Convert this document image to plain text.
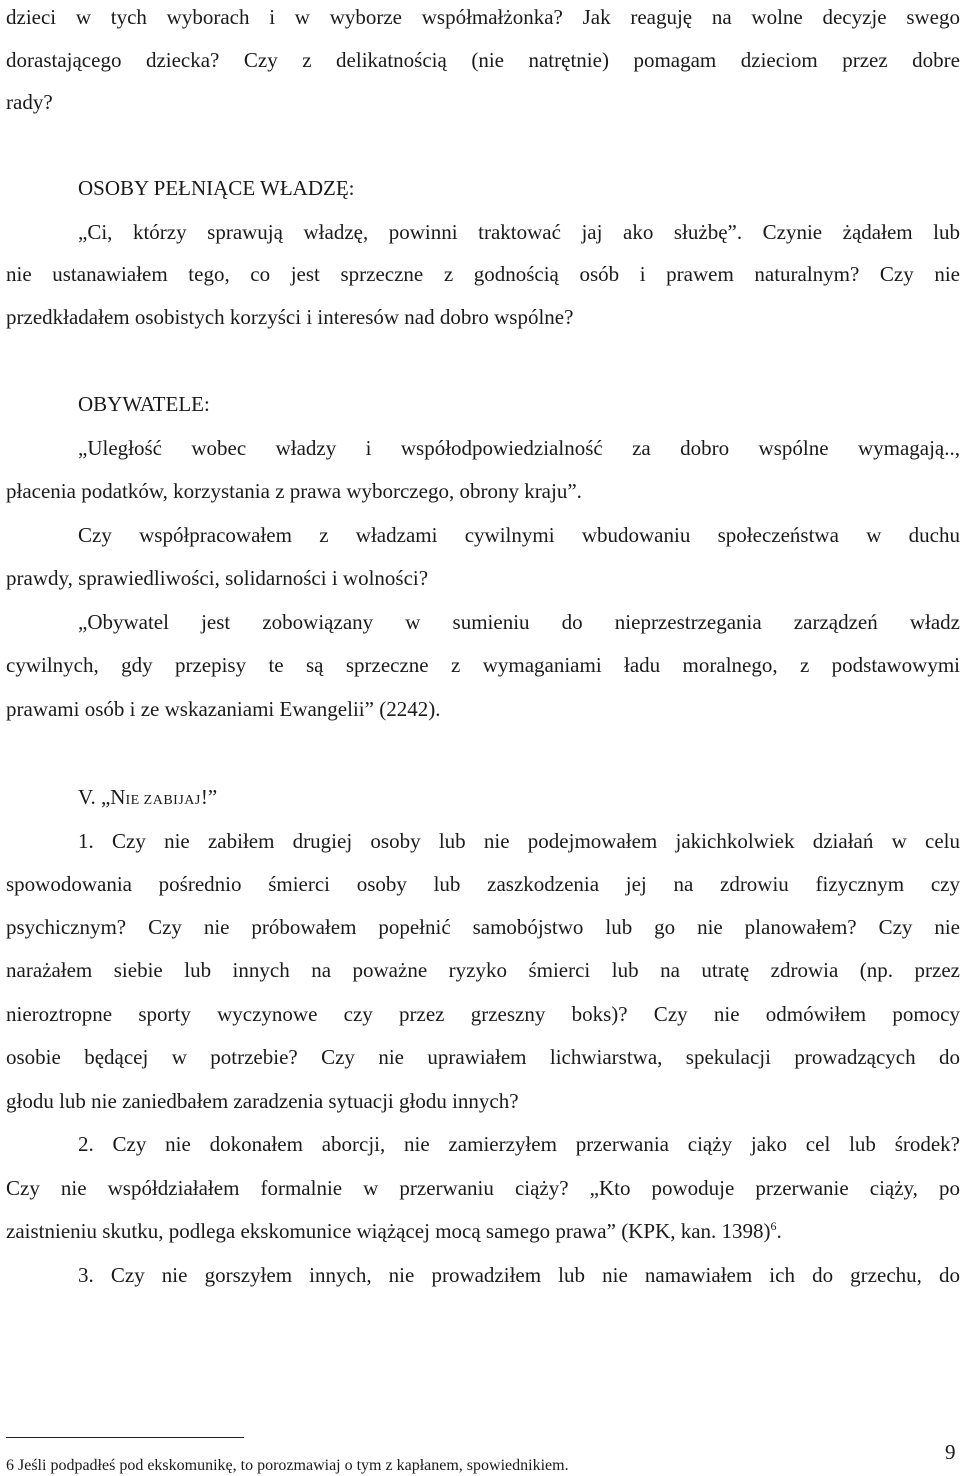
dzieci w tych wyborach i w wyborze współmałżonka? Jak reaguję na wolne decyzje swego
dorastającego dziecka? Czy z delikatnością (nie natrętnie) pomagam dzieciom przez dobre
rady?
OSOBY PEŁNIĄCE WŁADZĘ:
„Ci, którzy sprawują władzę, powinni traktować jaj ako służbę”. Czynie żądałem lub
nie ustanawiałem tego, co jest sprzeczne z godnością osób i prawem naturalnym? Czy nie
przedkładałem osobistych korzyści i interesów nad dobro wspólne?
OBYWATELE:
„Uległość wobec władzy i współodpowiedzialność za dobro wspólne wymagają..,
płacenia podatków, korzystania z prawa wyborczego, obrony kraju”.
Czy współpracowałem z władzami cywilnymi wbudowaniu społeczeństwa w duchu
prawdy, sprawiedliwości, solidarności i wolności?
„Obywatel jest zobowiązany w sumieniu do nieprzestrzegania zarządzeń władz
cywilnych, gdy przepisy te są sprzeczne z wymaganiami ładu moralnego, z podstawowymi
prawami osób i ze wskazaniami Ewangelii” (2242).
V. „NIE ZABIJAJ!”
1. Czy nie zabiłem drugiej osoby lub nie podejmowałem jakichkolwiek działań w celu
spowodowania pośrednio śmierci osoby lub zaszkodzenia jej na zdrowiu fizycznym czy
psychicznym? Czy nie próbowałem popełnić samobójstwo lub go nie planowałem? Czy nie
narażałem siebie lub innych na poważne ryzyko śmierci lub na utratę zdrowia (np. przez
nieroztropne sporty wyczynowe czy przez grzeszny boks)? Czy nie odmówiłem pomocy
osobie będącej w potrzebie? Czy nie uprawiałem lichwiarstwa, spekulacji prowadzących do
głodu lub nie zaniedbałem zaradzenia sytuacji głodu innych?
2. Czy nie dokonałem aborcji, nie zamierzyłem przerwania ciąży jako cel lub środek?
Czy nie współdziałałem formalnie w przerwaniu ciąży? „Kto powoduje przerwanie ciąży, po
zaistnieniu skutku, podlega ekskomunice wiążącej mocą samego prawa” (KPK, kan. 1398)$^6$.
3. Czy nie gorszyłem innych, nie prowadziłem lub nie namawiałem ich do grzechu, do
6 Jeśli podpadłeś pod ekskomunikę, to porozmawiaj o tym z kapłanem, spowiednikiem.
9
